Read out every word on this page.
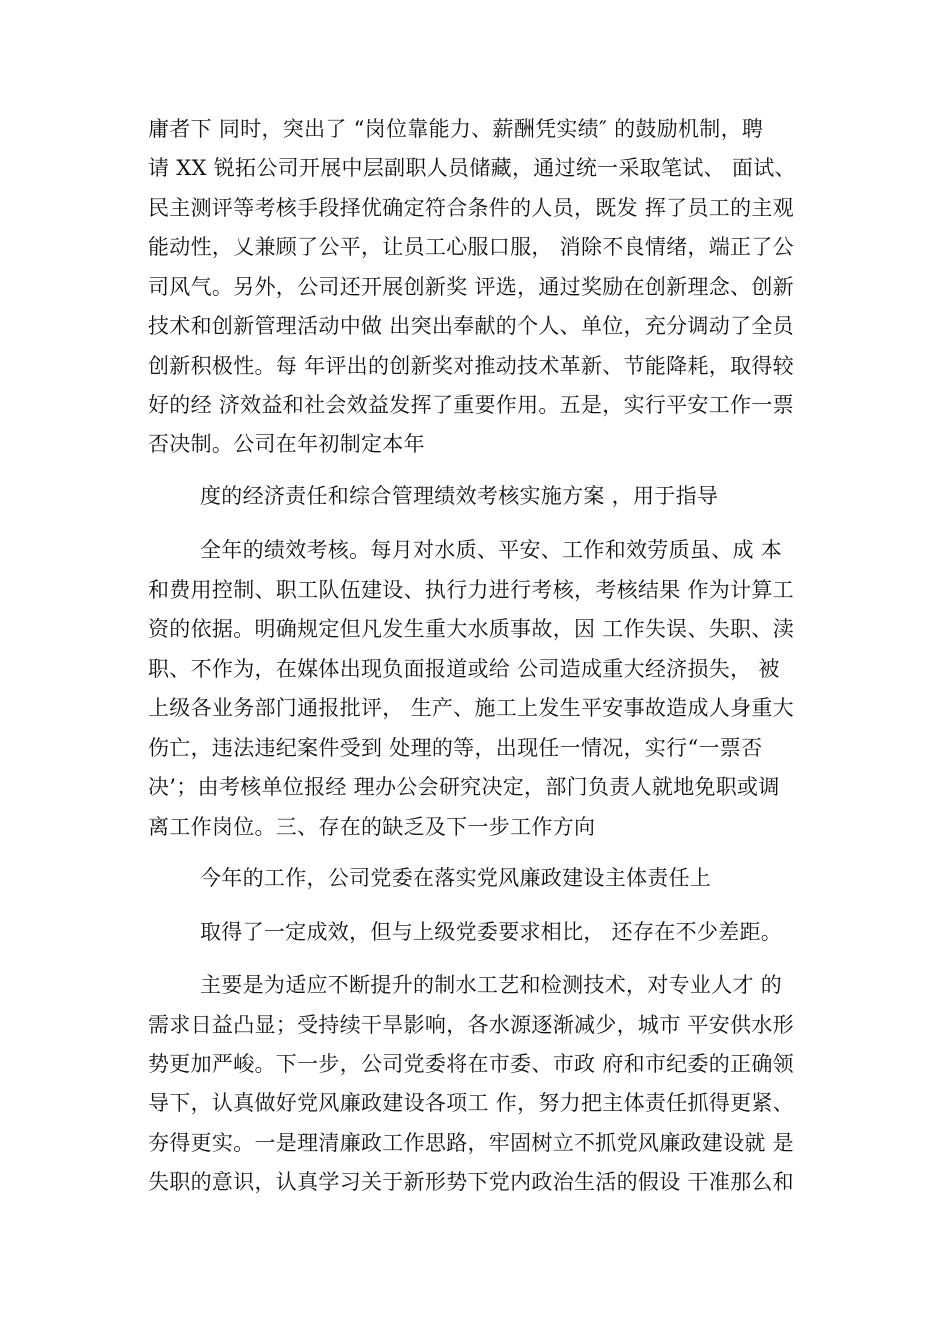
庸者下 同时，突出了 “岗位靠能力、薪酬凭实绩″ 的鼓励机制，聘
请 XX 锐拓公司开展中层副职人员储藏，通过统一采取笔试、 面试、
民主测评等考核手段择优确定符合条件的人员，既发 挥了员工的主观
能动性，乂兼顾了公平，让员工心服口服， 消除不良情绪，端正了公
司风气。另外，公司还开展创新奖 评选，通过奖励在创新理念、创新
技术和创新管理活动中做 出突出奉献的个人、单位，充分调动了全员
创新积极性。每 年评出的创新奖对推动技术革新、节能降耗，取得较
好的经 济效益和社会效益发挥了重要作用。五是，实行平安工作一票
否决制。公司在年初制定本年
度的经济责任和综合管理绩效考核实施方案 ，用于指导
全年的绩效考核。每月对水质、平安、工作和效劳质虽、成 本
和费用控制、职工队伍建设、执行力进行考核，考核结果 作为计算工
资的依据。明确规定但凡发生重大水质事故，因 工作失误、失职、渎
职、不作为，在媒体出现负面报道或给 公司造成重大经济损失， 被
上级各业务部门通报批评， 生产、施工上发生平安事故造成人身重大
伤亡，违法违纪案件受到 处理的等，出现任一情况，实行“一票否
决’；由考核单位报经 理办公会研究决定，部门负责人就地免职或调
离工作岗位。三、存在的缺乏及下一步工作方向
今年的工作，公司党委在落实党风廉政建设主体责任上
取得了一定成效，但与上级党委要求相比， 还存在不少差距。
主要是为适应不断提升的制水工艺和检测技术，对专业人才 的
需求日益凸显；受持续干旱影响，各水源逐渐减少，城市 平安供水形
势更加严峻。下一步，公司党委将在市委、市政 府和市纪委的正确领
导下，认真做好党风廉政建设各项工 作，努力把主体责任抓得更紧、
夯得更实。一是理清廉政工作思路，牢固树立不抓党风廉政建设就 是
失职的意识，认真学习关于新形势下党内政治生活的假设 干准那么和
